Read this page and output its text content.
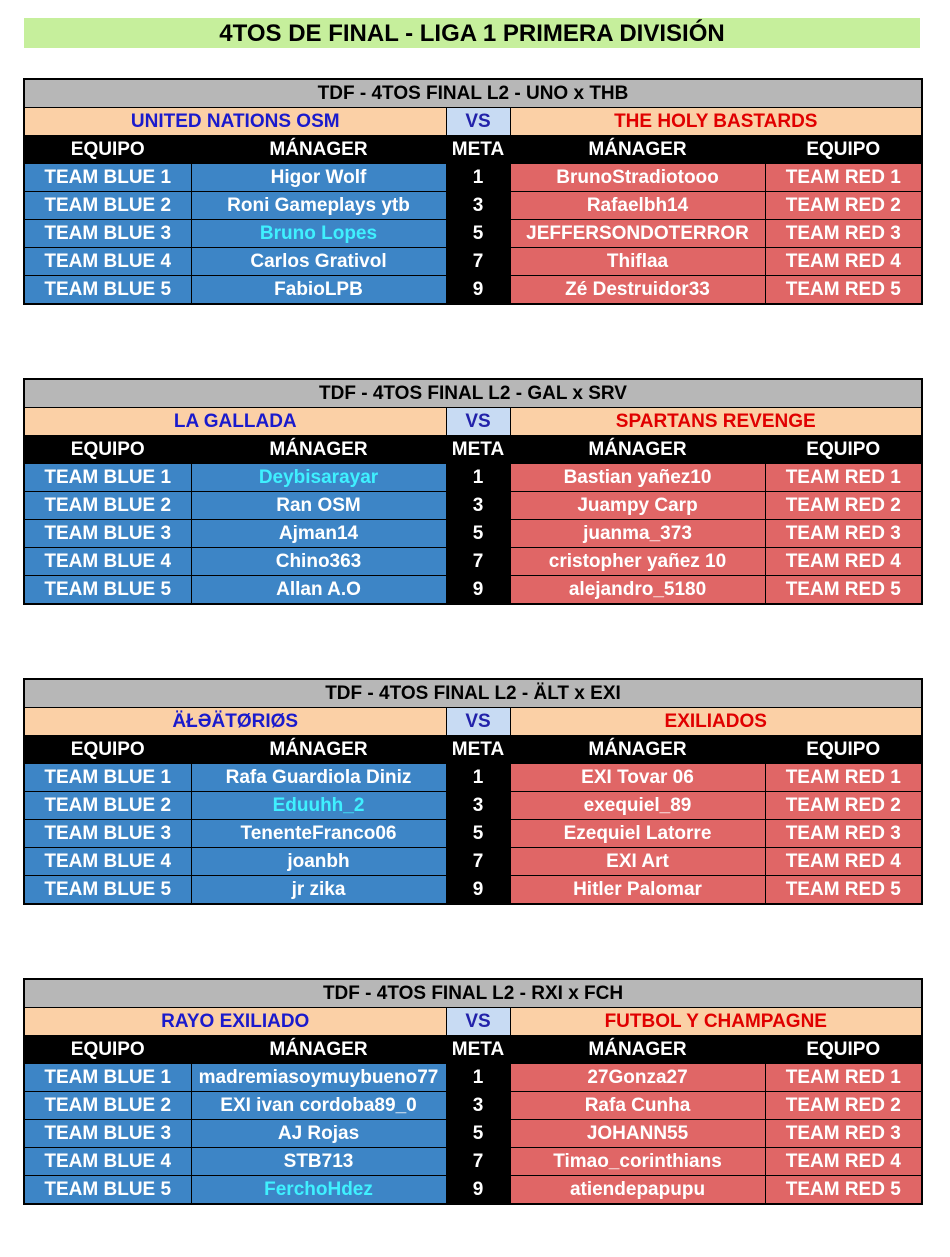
4TOS DE FINAL - LIGA 1 PRIMERA DIVISIÓN
TDF - 4TOS FINAL L2 - UNO x THB				
UNITED NATIONS OSM		VS	THE HOLY BASTARDS	
EQUIPO	MÁNAGER	META	MÁNAGER	EQUIPO
TEAM BLUE 1	Higor Wolf	1	BrunoStradiotooo	TEAM RED 1
TEAM BLUE 2	Roni Gameplays ytb	3	Rafaelbh14	TEAM RED 2
TEAM BLUE 3	Bruno Lopes	5	JEFFERSONDOTERROR	TEAM RED 3
TEAM BLUE 4	Carlos Grativol	7	Thiflaa	TEAM RED 4
TEAM BLUE 5	FabioLPB	9	Zé Destruidor33	TEAM RED 5
TDF - 4TOS FINAL L2 - GAL x SRV				
LA GALLADA		VS	SPARTANS REVENGE	
EQUIPO	MÁNAGER	META	MÁNAGER	EQUIPO
TEAM BLUE 1	Deybisarayar	1	Bastian yañez10	TEAM RED 1
TEAM BLUE 2	Ran OSM	3	Juampy Carp	TEAM RED 2
TEAM BLUE 3	Ajman14	5	juanma_373	TEAM RED 3
TEAM BLUE 4	Chino363	7	cristopher yañez 10	TEAM RED 4
TEAM BLUE 5	Allan A.O	9	alejandro_5180	TEAM RED 5
TDF - 4TOS FINAL L2 - ÄLT x EXI				
ÄŁƏÄTØRIØS		VS	EXILIADOS	
EQUIPO	MÁNAGER	META	MÁNAGER	EQUIPO
TEAM BLUE 1	Rafa Guardiola Diniz	1	EXI Tovar 06	TEAM RED 1
TEAM BLUE 2	Eduuhh_2	3	exequiel_89	TEAM RED 2
TEAM BLUE 3	TenenteFranco06	5	Ezequiel Latorre	TEAM RED 3
TEAM BLUE 4	joanbh	7	EXI Art	TEAM RED 4
TEAM BLUE 5	jr zika	9	Hitler Palomar	TEAM RED 5
TDF - 4TOS FINAL L2 - RXI x FCH				
RAYO EXILIADO		VS	FUTBOL Y CHAMPAGNE	
EQUIPO	MÁNAGER	META	MÁNAGER	EQUIPO
TEAM BLUE 1	madremiasoymuybueno77	1	27Gonza27	TEAM RED 1
TEAM BLUE 2	EXI ivan cordoba89_0	3	Rafa Cunha	TEAM RED 2
TEAM BLUE 3	AJ Rojas	5	JOHANN55	TEAM RED 3
TEAM BLUE 4	STB713	7	Timao_corinthians	TEAM RED 4
TEAM BLUE 5	FerchoHdez	9	atiendepapupu	TEAM RED 5
